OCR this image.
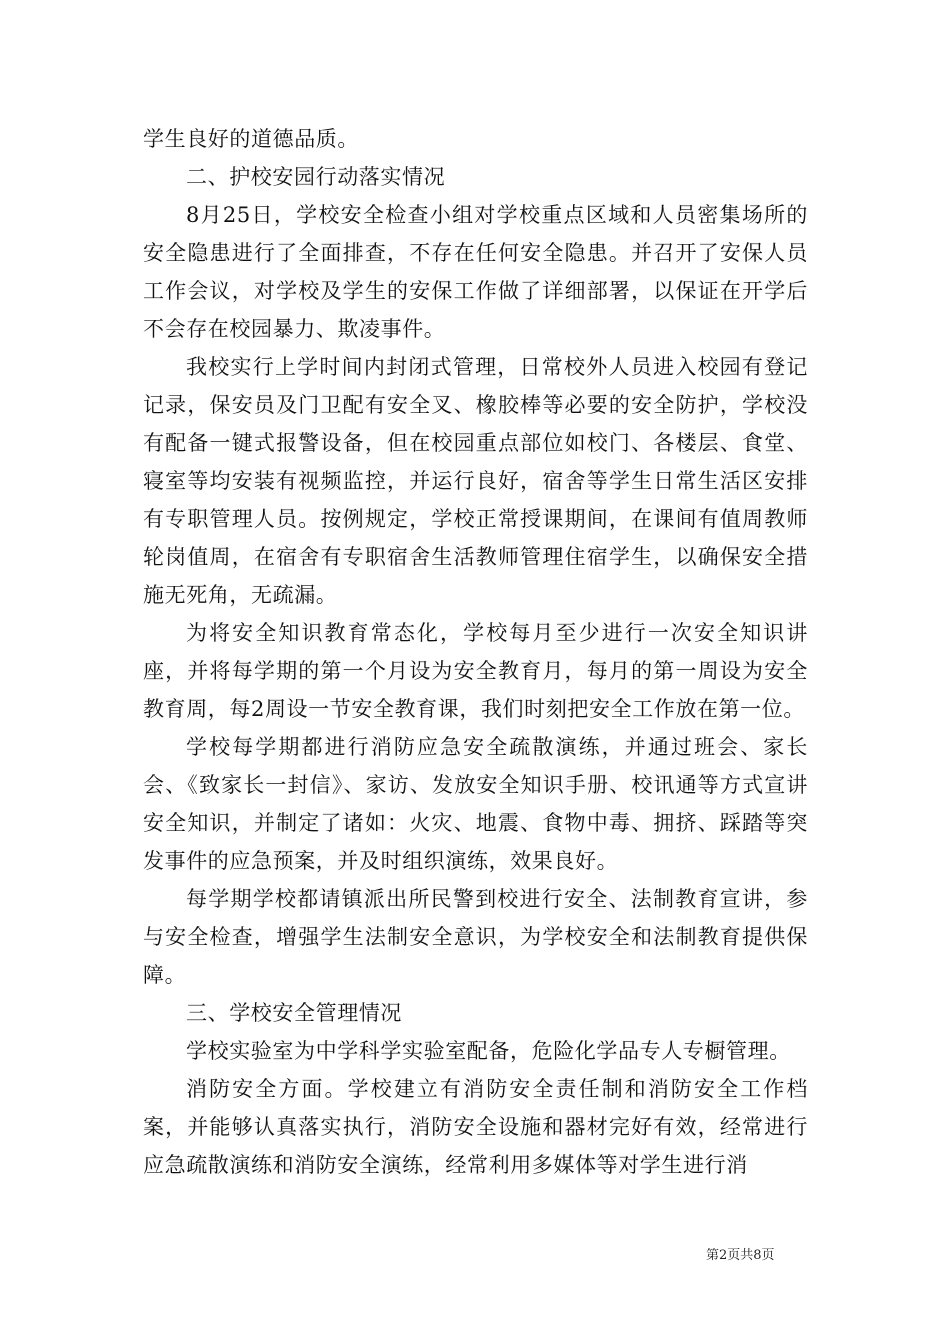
学生良好的道德品质。

二、护校安园行动落实情况

8月25日，学校安全检查小组对学校重点区域和人员密集场所的安全隐患进行了全面排查，不存在任何安全隐患。并召开了安保人员工作会议，对学校及学生的安保工作做了详细部署，以保证在开学后不会存在校园暴力、欺凌事件。

我校实行上学时间内封闭式管理，日常校外人员进入校园有登记记录，保安员及门卫配有安全叉、橡胶棒等必要的安全防护，学校没有配备一键式报警设备，但在校园重点部位如校门、各楼层、食堂、寝室等均安装有视频监控，并运行良好，宿舍等学生日常生活区安排有专职管理人员。按例规定，学校正常授课期间，在课间有值周教师轮岗值周，在宿舍有专职宿舍生活教师管理住宿学生，以确保安全措施无死角，无疏漏。

为将安全知识教育常态化，学校每月至少进行一次安全知识讲座，并将每学期的第一个月设为安全教育月，每月的第一周设为安全教育周，每2周设一节安全教育课，我们时刻把安全工作放在第一位。

学校每学期都进行消防应急安全疏散演练，并通过班会、家长会、《致家长一封信》、家访、发放安全知识手册、校讯通等方式宣讲安全知识，并制定了诸如：火灾、地震、食物中毒、拥挤、踩踏等突发事件的应急预案，并及时组织演练，效果良好。

每学期学校都请镇派出所民警到校进行安全、法制教育宣讲，参与安全检查，增强学生法制安全意识，为学校安全和法制教育提供保障。

三、学校安全管理情况

学校实验室为中学科学实验室配备，危险化学品专人专橱管理。

消防安全方面。学校建立有消防安全责任制和消防安全工作档案，并能够认真落实执行，消防安全设施和器材完好有效，经常进行应急疏散演练和消防安全演练，经常利用多媒体等对学生进行消

第2页共8页
